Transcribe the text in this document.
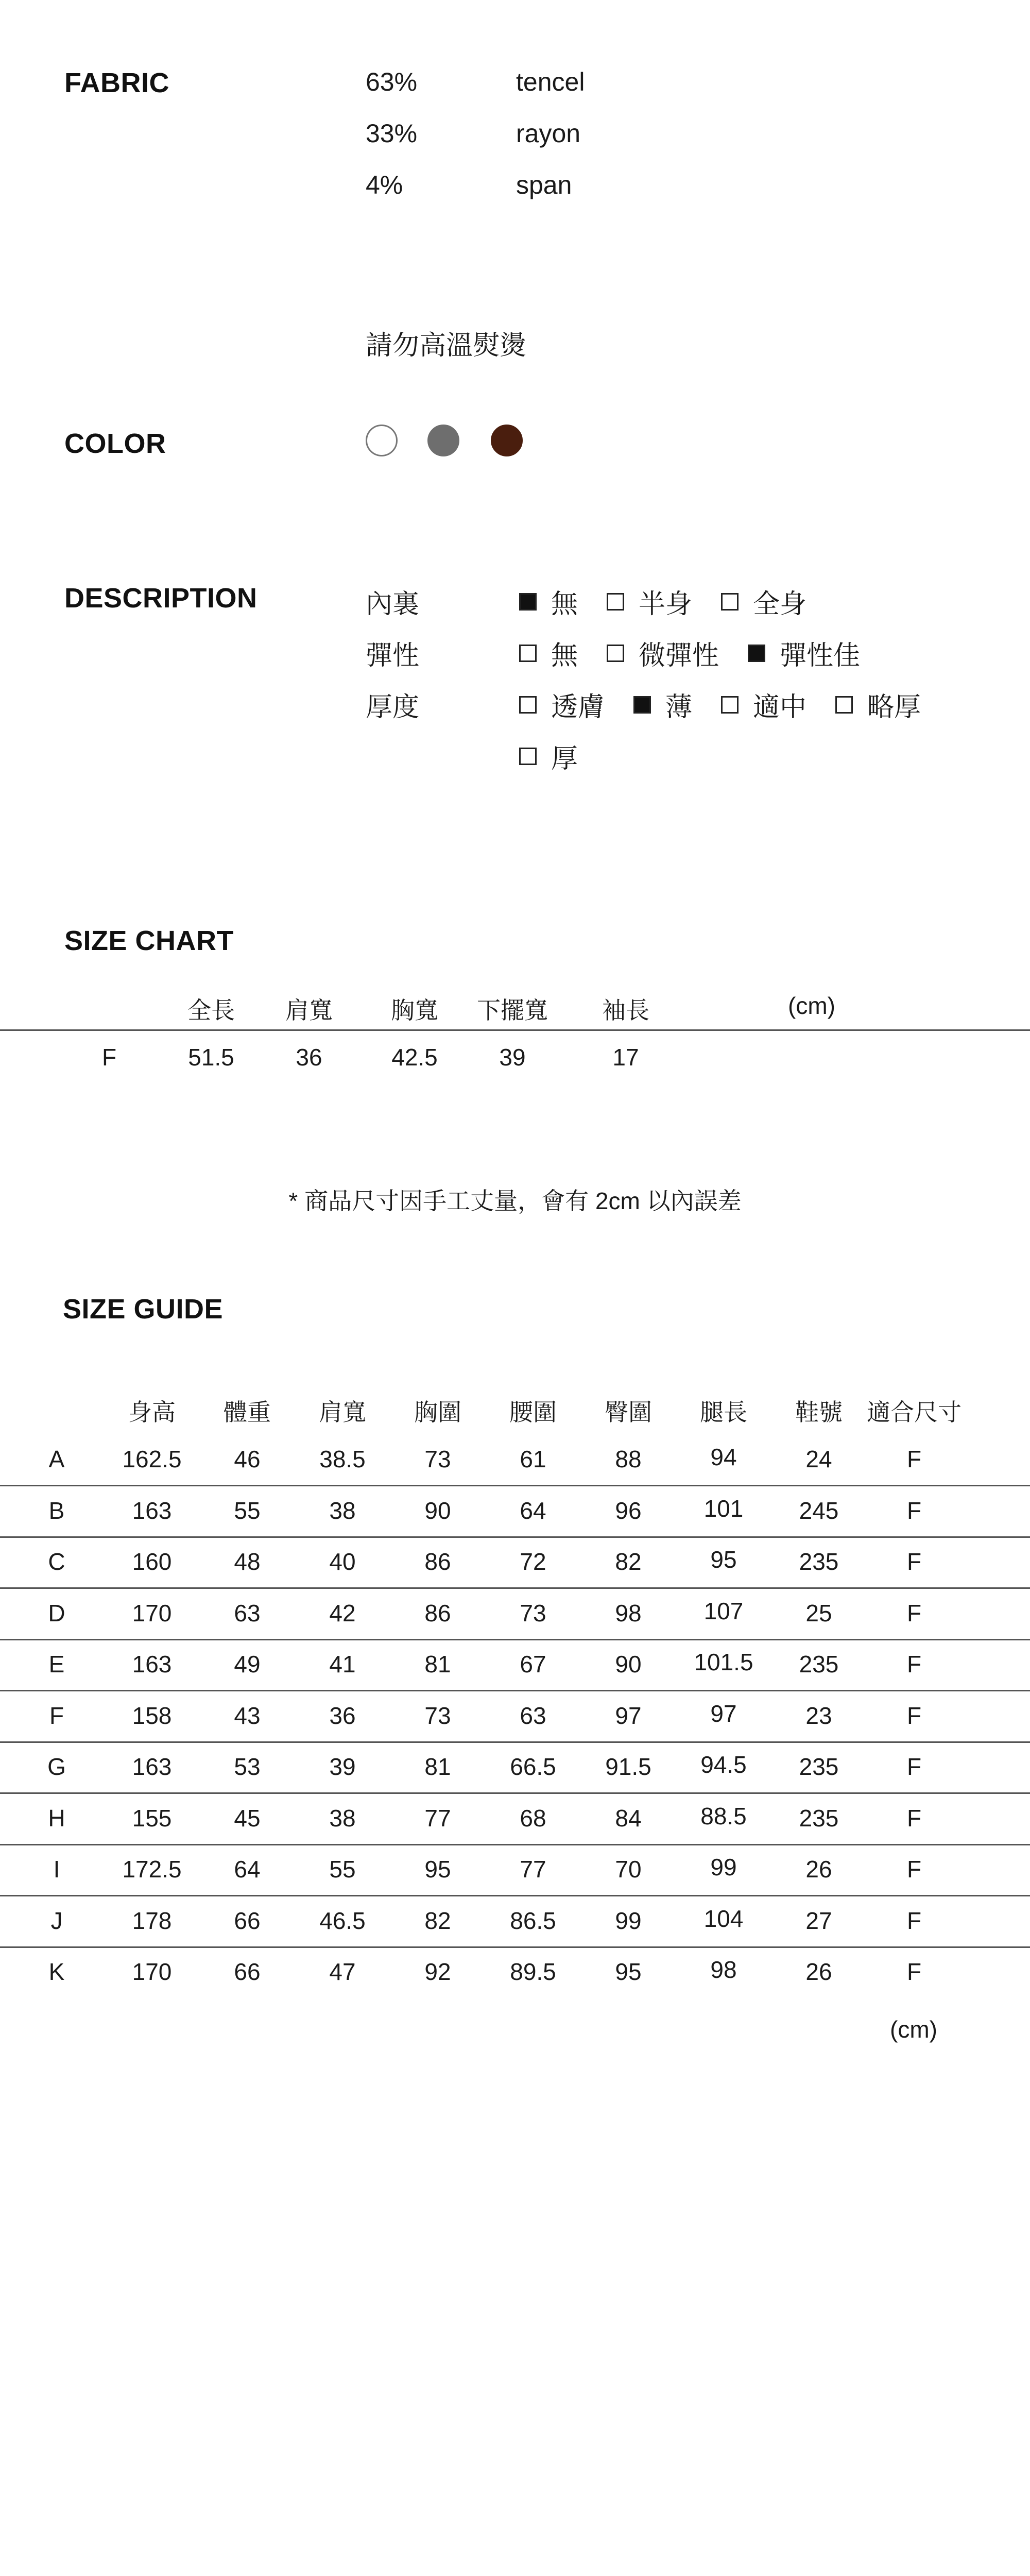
FABRIC	63%	tencel
33%	rayon
4%	span
請勿高溫熨燙
COLOR
DESCRIPTION	內裏	無 半身 全身
彈性	無 微彈性 彈性佳
厚度	透膚 薄 適中 略厚
厚
SIZE CHART
全長 肩寬 胸寬 下擺寬 袖長	(cm)
F	51.5	36	42.5	39	17
* 商品尺寸因手工丈量，會有 2cm 以內誤差
SIZE GUIDE
身高 體重 肩寬 胸圍 腰圍 臀圍 腿長 鞋號 適合尺寸
A 162.5 46 38.5 73	61	88	94	24	F
B	163	55	38	90	64	96	101 245	F
C	160	48	40	86	72	82	95	235	F
D	170	63	42	86	73	98	107	25	F
E	163	49	41	81	67	90 101.5 235	F
F	158	43	36	73	63	97	97	23	F
G	163	53	39	81 66.5 91.5 94.5 235	F
H	155	45	38	77	68	84 88.5 235	F
I	172.5 64	55	95	77	70	99	26	F
J	178	66 46.5 82 86.5 99	104	27	F
K	170	66	47	92 89.5 95	98	26	F
(cm)
